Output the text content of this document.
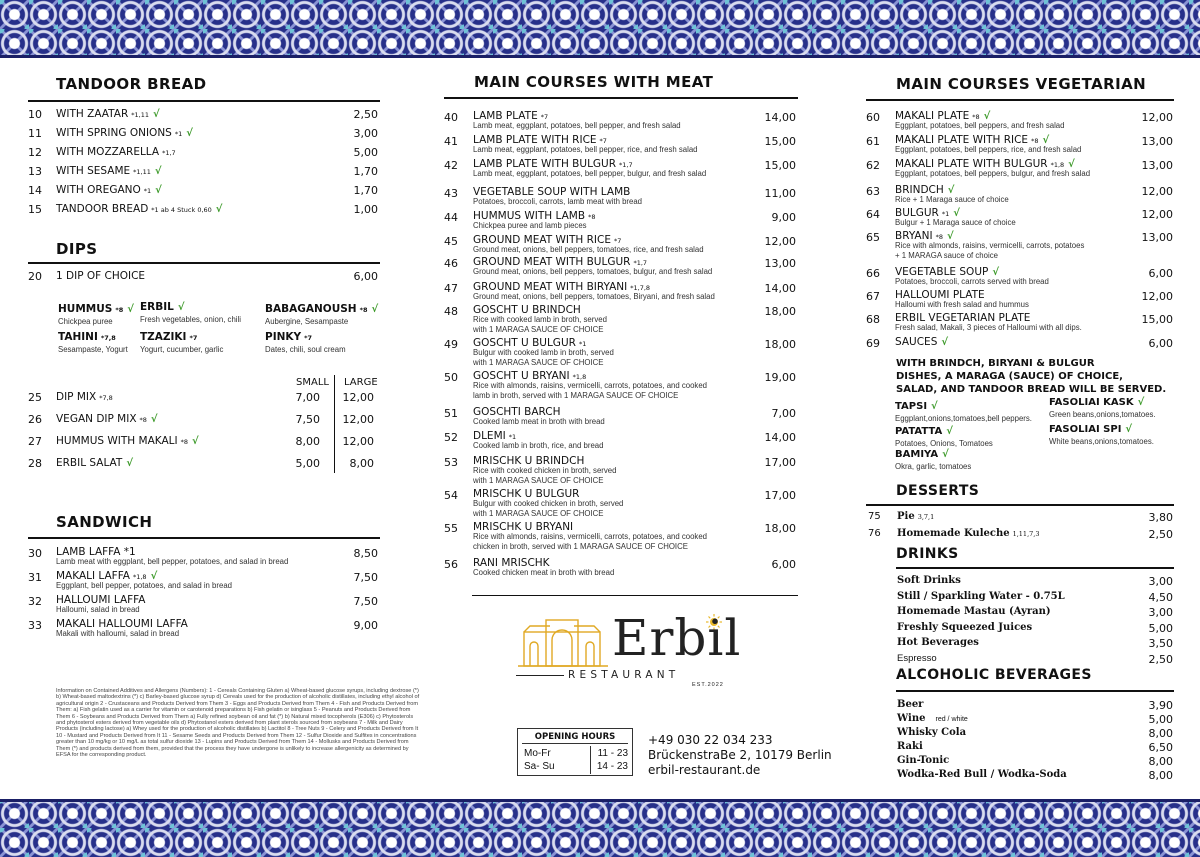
TANDOOR BREAD
10 WITH ZAATAR *1,11 √	2,50
11 WITH SPRING ONIONS *1 √	3,00
12 WITH MOZZARELLA *1,7	5,00
13 WITH SESAME *1,11 √	1,70
14 WITH OREGANO *1 √	1,70
15 TANDOOR BREAD *1 ab 4 Stuck 0,60 √	1,00
DIPS
20 1 DIP OF CHOICE	6,00
HUMMUS *8 √
Chickpea puree
ERBIL √
Fresh vegetables, onion, chili
BABAGANOUSH *8 √
Aubergine, Sesampaste
TAHINI *7,8
Sesampaste, Yogurt
TZAZIKI *7
Yogurt, cucumber, garlic
PINKY *7
Dates, chili, soul cream
SMALL LARGE
25 DIP MIX *7,8	7,00 12,00
26 VEGAN DIP MIX *8 √	7,50 12,00
27 HUMMUS WITH MAKALI *8 √	8,00 12,00
28 ERBIL SALAT √	5,00	8,00
SANDWICH
30 LAMB LAFFA *1
Lamb meat with eggplant, bell pepper, potatoes, and salad in bread
8,50
31 MAKALI LAFFA *1,8 √
Eggplant, bell pepper, potatoes, and salad in bread
7,50
32 HALLOUMI LAFFA
Halloumi, salad in bread
7,50
33 MAKALI HALLOUMI LAFFA
Makali with halloumi, salad in bread
9,00
MAIN COURSES WITH MEAT
40 LAMB PLATE *7
Lamb meat, eggplant, potatoes, bell pepper, and fresh salad
14,00
41 LAMB PLATE WITH RICE *7
Lamb meat, eggplant, potatoes, bell pepper, rice, and fresh salad
15,00
42 LAMB PLATE WITH BULGUR *1,7
Lamb meat, eggplant, potatoes, bell pepper, bulgur, and fresh salad
15,00
43 VEGETABLE SOUP WITH LAMB
Potatoes, broccoli, carrots, lamb meat with bread
11,00
44 HUMMUS WITH LAMB *8
Chickpea puree and lamb pieces
9,00
45 GROUND MEAT WITH RICE *7
Ground meat, onions, bell peppers, tomatoes, rice, and fresh salad
12,00
46 GROUND MEAT WITH BULGUR *1,7
Ground meat, onions, bell peppers, tomatoes, bulgur, and fresh salad
13,00
47 GROUND MEAT WITH BIRYANI *1,7,8
Ground meat, onions, bell peppers, tomatoes, Biryani, and fresh salad
14,00
48 GOSCHT U BRINDCH
Rice with cooked lamb in broth, served
with 1 MARAGA SAUCE OF CHOICE
18,00
49 GOSCHT U BULGUR *1
Bulgur with cooked lamb in broth, served
with 1 MARAGA SAUCE OF CHOICE
18,00
50 GOSCHT U BRYANI *1,8
Rice with almonds, raisins, vermicelli, carrots, potatoes, and cooked
lamb in broth, served with 1 MARAGA SAUCE OF CHOICE
19,00
51 GOSCHTI BARCH
Cooked lamb meat in broth with bread
7,00
52 DLEMI *1
Cooked lamb in broth, rice, and bread
14,00
53 MRISCHK U BRINDCH
Rice with cooked chicken in broth, served
with 1 MARAGA SAUCE OF CHOICE
17,00
54 MRISCHK U BULGUR
Bulgur with cooked chicken in broth, served
with 1 MARAGA SAUCE OF CHOICE
17,00
55 MRISCHK U BRYANI
Rice with almonds, raisins, vermicelli, carrots, potatoes, and cooked
chicken in broth, served with 1 MARAGA SAUCE OF CHOICE
18,00
56 RANI MRISCHK
Cooked chicken meat in broth with bread
6,00
MAIN COURSES VEGETARIAN
60 MAKALI PLATE *8 √
Eggplant, potatoes, bell peppers, and fresh salad
12,00
61 MAKALI PLATE WITH RICE *8 √
Eggplant, potatoes, bell peppers, rice, and fresh salad
13,00
62 MAKALI PLATE WITH BULGUR *1,8 √
Eggplant, potatoes, bell peppers, bulgur, and fresh salad
13,00
63 BRINDCH √
Rice + 1 Maraga sauce of choice
12,00
64 BULGUR *1 √
Bulgur + 1 Maraga sauce of choice
12,00
65 BRYANI *8 √
Rice with almonds, raisins, vermicelli, carrots, potatoes
+ 1 MARAGA sauce of choice
13,00
66 VEGETABLE SOUP √
Potatoes, broccoli, carrots served with bread
6,00
67 HALLOUMI PLATE
Halloumi with fresh salad and hummus
12,00
68 ERBIL VEGETARIAN PLATE
Fresh salad, Makali, 3 pieces of Halloumi with all dips.
15,00
69 SAUCES √	6,00
WITH BRINDCH, BIRYANI & BULGUR
DISHES, A MARAGA (SAUCE) OF CHOICE,
SALAD, AND TANDOOR BREAD WILL BE SERVED.
TAPSI √
Eggplant,onions,tomatoes,bell peppers.
FASOLIAI KASK √
Green beans,onions,tomatoes.
PATATTA √
Potatoes, Onions, Tomatoes
FASOLIAI SPI √
White beans,onions,tomatoes.
BAMIYA √
Okra, garlic, tomatoes
DESSERTS
75 Pie 3,7,1	3,80
76 Homemade Kuleche 1,11,7,3	2,50
DRINKS
Soft Drinks	3,00
Still / Sparkling Water - 0.75L	4,50
Homemade Mastau (Ayran)	3,00
Freshly Squeezed Juices	5,00
Hot Beverages	3,50
Espresso	2,50
ALCOHOLIC BEVERAGES
Beer	3,90
Wine red / white	5,00
Whisky Cola	8,00
Raki	6,50
Gin-Tonic	8,00
Wodka-Red Bull / Wodka-Soda	8,00
Information on Contained Additives and Allergens (Numbers): 1 - Cereals Containing Gluten a) Wheat-based glucose syrups, including dextrose (*) b) Wheat-based maltodextrins (*) c) Barley-based glucose syrup d) Cereals used for the production of alcoholic distillates, including ethyl alcohol of agricultural origin 2 - Crustaceans and Products Derived from Them 3 - Eggs and Products Derived from Them 4 - Fish and Products Derived from Them: a) Fish gelatin used as a carrier for vitamin or carotenoid preparations b) Fish gelatin or isinglass 5 - Peanuts and Products Derived from Them 6 - Soybeans and Products Derived from Them a) Fully refined soybean oil and fat (*) b) Natural mixed tocopherols (E306) c) Phytosterols and phytosterol esters derived from vegetable oils d) Phytostanol esters derived from plant sterols sourced from soybeans 7 - Milk and Dairy Products (including lactose) a) Whey used for the production of alcoholic distillates b) Lactitol 8 - Tree Nuts 9 - Celery and Products Derived from It 10 - Mustard and Products Derived from It 11 - Sesame Seeds and Products Derived from Them 12 - Sulfur Dioxide and Sulfites in concentrations greater than 10 mg/kg or 10 mg/L as total sulfur dioxide 13 - Lupins and Products Derived from Them 14 - Mollusks and Products Derived from Them (*) and products derived from them, provided that the process they have undergone is unlikely to increase allergenicity as determined by EFSA for the corresponding product.
Erbil
RESTAURANT
EST.2022
OPENING HOURS
Mo-Fr	11 - 23
Sa- Su	14 - 23
+49 030 22 034 233
BrückenstraBe 2, 10179 Berlin
erbil-restaurant.de
